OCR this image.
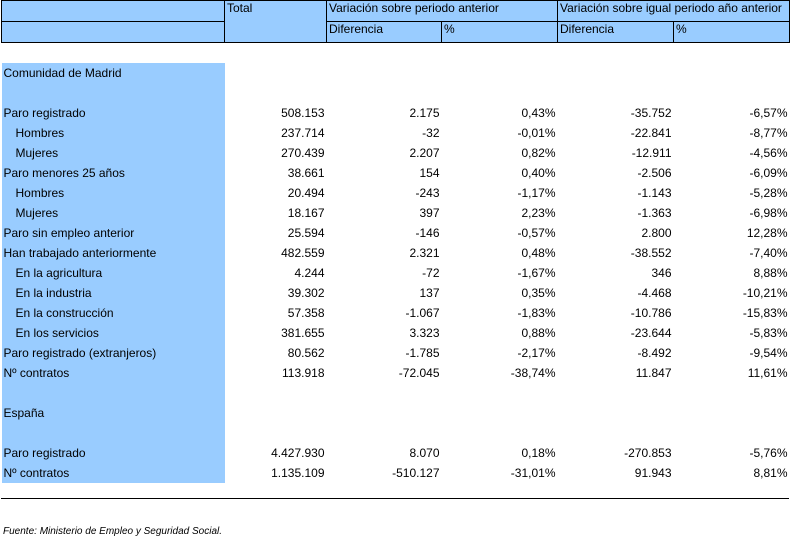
	Total	Variación sobre periodo anterior		Variación sobre igual periodo año anterior	
		Diferencia	%	Diferencia	%

Comunidad de Madrid					

Paro registrado	508.153	2.175	0,43%	-35.752	-6,57%
Hombres	237.714	-32	-0,01%	-22.841	-8,77%
Mujeres	270.439	2.207	0,82%	-12.911	-4,56%
Paro menores 25 años	38.661	154	0,40%	-2.506	-6,09%
Hombres	20.494	-243	-1,17%	-1.143	-5,28%
Mujeres	18.167	397	2,23%	-1.363	-6,98%
Paro sin empleo anterior	25.594	-146	-0,57%	2.800	12,28%
Han trabajado anteriormente	482.559	2.321	0,48%	-38.552	-7,40%
En la agricultura	4.244	-72	-1,67%	346	8,88%
En la industria	39.302	137	0,35%	-4.468	-10,21%
En la construcción	57.358	-1.067	-1,83%	-10.786	-15,83%
En los servicios	381.655	3.323	0,88%	-23.644	-5,83%
Paro registrado (extranjeros)	80.562	-1.785	-2,17%	-8.492	-9,54%
Nº contratos	113.918	-72.045	-38,74%	11.847	11,61%

España					

Paro registrado	4.427.930	8.070	0,18%	-270.853	-5,76%
Nº contratos	1.135.109	-510.127	-31,01%	91.943	8,81%
Fuente: Ministerio de Empleo y Seguridad Social.
